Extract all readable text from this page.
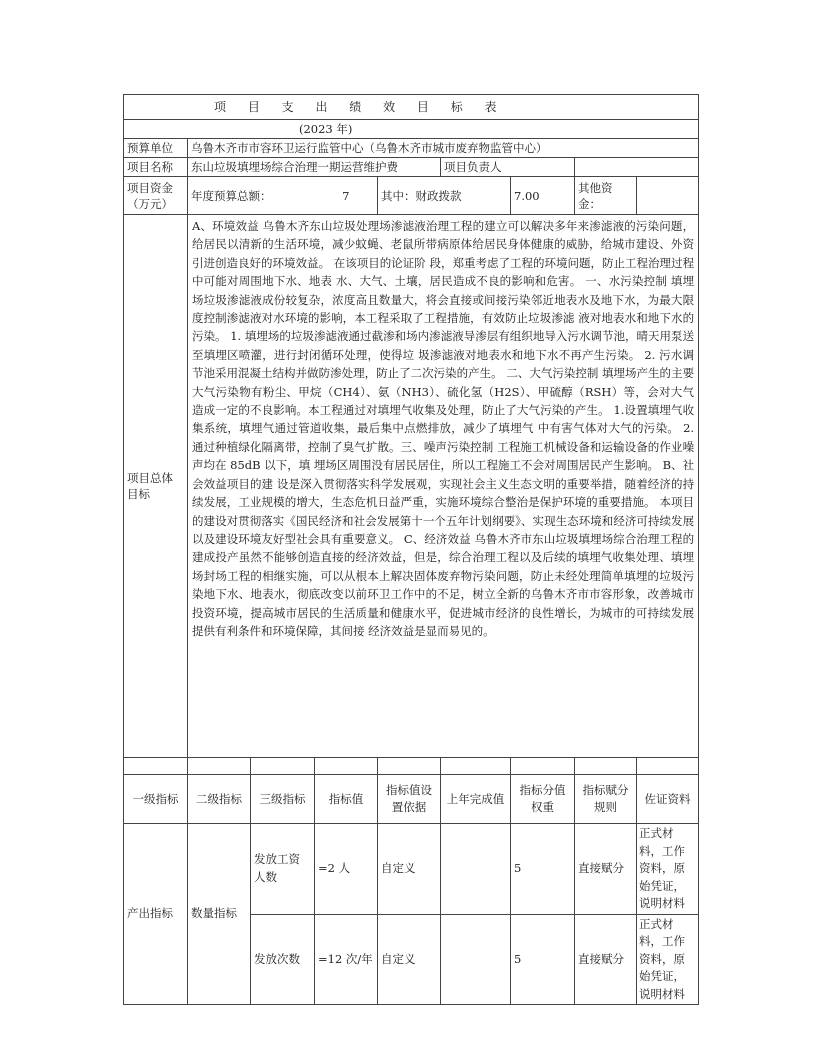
项 目 支 出 绩 效 目 标 表								
(2023 年)								
预算单位	乌鲁木齐市市容环卫运行监管中心（乌鲁木齐市城市废弃物监管中心）							
项目名称	东山垃圾填埋场综合治理一期运营维护费				项目负责人			
项目资金（万元）	年度预算总额：		7	其中：财政拨款		7.00	其他资金：	
项目总体目标	A、环境效益 乌鲁木齐东山垃圾处理场渗滤液治理工程的建立可以解决多年来渗滤液的污染问题，给居民以清新的生活环境，减少蚊蝇、老鼠所带病原体给居民身体健康的威胁，给城市建设、外资引进创造良好的环境效益。 在该项目的论证阶 段，郑重考虑了工程的环境问题，防止工程治理过程中可能对周围地下水、地表 水、大气、土壤，居民造成不良的影响和危害。 一、水污染控制 填埋场垃圾渗滤液成份较复杂，浓度高且数量大，将会直接或间接污染邻近地表水及地下水，为最大限度控制渗滤液对水环境的影响，本工程采取了工程措施，有效防止垃圾渗滤 液对地表水和地下水的污染。 1. 填埋场的垃圾渗滤液通过截渗和场内渗滤液导渗层有组织地导入污水调节池，晴天用泵送至填埋区喷灌，进行封闭循环处理，使得垃 圾渗滤液对地表水和地下水不再产生污染。 2. 污水调节池采用混凝土结构并做防渗处理，防止了二次污染的产生。 二、大气污染控制 填埋场产生的主要大气污染物有粉尘、甲烷（CH4）、氨（NH3）、硫化氢（H2S）、甲硫醇（RSH）等，会对大气 造成一定的不良影响。本工程通过对填埋气收集及处理，防止了大气污染的产生。 1.设置填埋气收集系统，填埋气通过管道收集，最后集中点燃排放，减少了填埋气 中有害气体对大气的污染。 2. 通过种植绿化隔离带，控制了臭气扩散。三、噪声污染控制 工程施工机械设备和运输设备的作业噪声均在 85dB 以下，填 埋场区周围没有居民居住，所以工程施工不会对周围居民产生影响。 B、社会效益项目的建 设是深入贯彻落实科学发展观，实现社会主义生态文明的重要举措，随着经济的持续发展，工业规模的增大，生态危机日益严重，实施环境综合整治是保护环境的重要措施。 本项目的建设对贯彻落实《国民经济和社会发展第十一个五年计划纲要》、实现生态环境和经济可持续发展以及建设环境友好型社会具有重要意义。 C、经济效益 乌鲁木齐市东山垃圾填埋场综合治理工程的建成投产虽然不能够创造直接的经济效益，但是，综合治理工程以及后续的填埋气收集处理、填埋场封场工程的相继实施，可以从根本上解决固体废弃物污染问题，防止未经处理简单填埋的垃圾污染地下水、地表水，彻底改变以前环卫工作中的不足，树立全新的乌鲁木齐市市容形象，改善城市投资环境，提高城市居民的生活质量和健康水平，促进城市经济的良性增长，为城市的可持续发展提供有利条件和环境保障，其间接 经济效益是显而易见的。							

一级指标	二级指标	三级指标	指标值	指标值设置依据	上年完成值	指标分值权重	指标赋分规则	佐证资料
产出指标	数量指标	发放工资人数	=2 人	自定义		5	直接赋分	正式材料，工作资料，原始凭证，说明材料
		发放次数	=12 次/年	自定义		5	直接赋分	正式材料，工作资料，原始凭证，说明材料
